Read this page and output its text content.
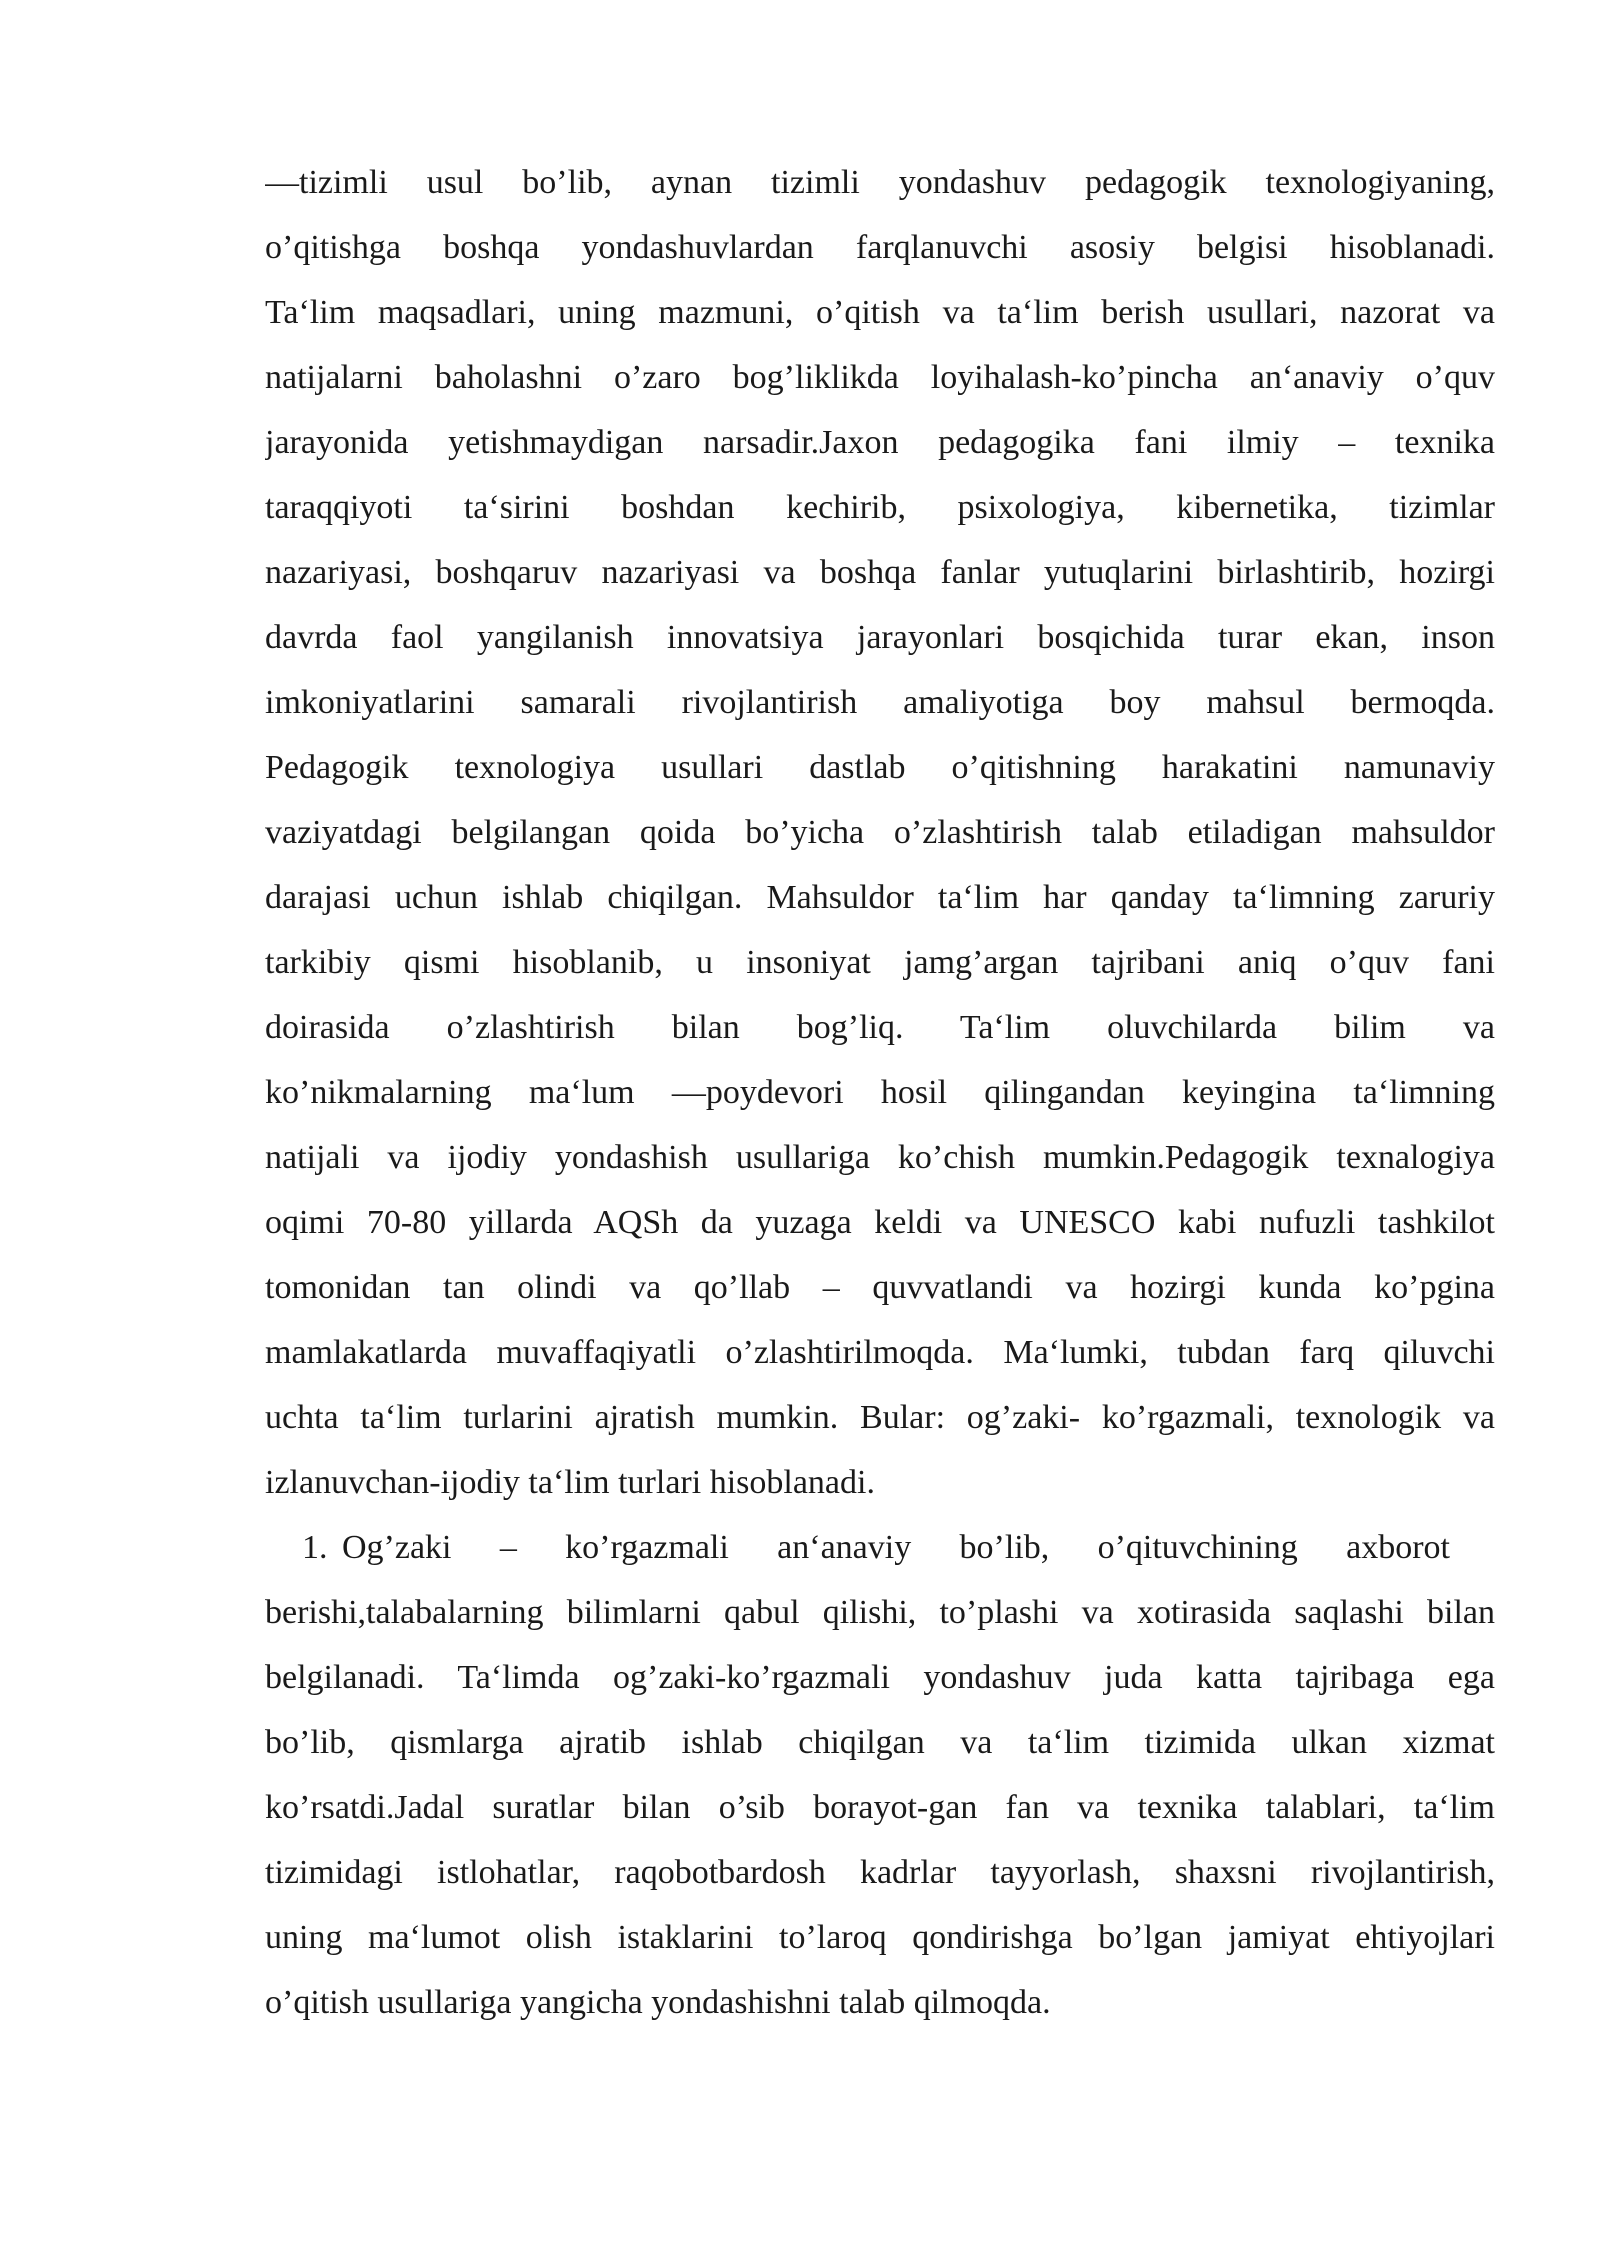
—tizimli usul bo’lib, aynan tizimli yondashuv pedagogik texnologiyaning,
o’qitishga boshqa yondashuvlardan farqlanuvchi asosiy belgisi hisoblanadi.
Ta‘lim maqsadlari, uning mazmuni, o’qitish va ta‘lim berish usullari, nazorat va
natijalarni baholashni o’zaro bog’liklikda loyihalash-ko’pincha an‘anaviy o’quv
jarayonida yetishmaydigan narsadir.Jaxon pedagogika fani ilmiy – texnika
taraqqiyoti ta‘sirini boshdan kechirib, psixologiya, kibernetika, tizimlar
nazariyasi, boshqaruv nazariyasi va boshqa fanlar yutuqlarini birlashtirib, hozirgi
davrda faol yangilanish innovatsiya jarayonlari bosqichida turar ekan, inson
imkoniyatlarini samarali rivojlantirish amaliyotiga boy mahsul bermoqda.
Pedagogik texnologiya usullari dastlab o’qitishning harakatini namunaviy
vaziyatdagi belgilangan qoida bo’yicha o’zlashtirish talab etiladigan mahsuldor
darajasi uchun ishlab chiqilgan. Mahsuldor ta‘lim har qanday ta‘limning zaruriy
tarkibiy qismi hisoblanib, u insoniyat jamg’argan tajribani aniq o’quv fani
doirasida o’zlashtirish bilan bog’liq. Ta‘lim oluvchilarda bilim va
ko’nikmalarning ma‘lum —poydevori hosil qilingandan keyingina ta‘limning
natijali va ijodiy yondashish usullariga ko’chish mumkin.Pedagogik texnalogiya
oqimi 70-80 yillarda AQSh da yuzaga keldi va UNESCO kabi nufuzli tashkilot
tomonidan tan olindi va qo’llab – quvvatlandi va hozirgi kunda ko’pgina
mamlakatlarda muvaffaqiyatli o’zlashtirilmoqda. Ma‘lumki, tubdan farq qiluvchi
uchta ta‘lim turlarini ajratish mumkin. Bular: og’zaki- ko’rgazmali, texnologik va
izlanuvchan-ijodiy ta‘lim turlari hisoblanadi.
1. Og’zaki – ko’rgazmali an‘anaviy bo’lib, o’qituvchining axborot
berishi,talabalarning bilimlarni qabul qilishi, to’plashi va xotirasida saqlashi bilan
belgilanadi. Ta‘limda og’zaki-ko’rgazmali yondashuv juda katta tajribaga ega
bo’lib, qismlarga ajratib ishlab chiqilgan va ta‘lim tizimida ulkan xizmat
ko’rsatdi.Jadal suratlar bilan o’sib borayot-gan fan va texnika talablari, ta‘lim
tizimidagi istlohatlar, raqobotbardosh kadrlar tayyorlash, shaxsni rivojlantirish,
uning ma‘lumot olish istaklarini to’laroq qondirishga bo’lgan jamiyat ehtiyojlari
o’qitish usullariga yangicha yondashishni talab qilmoqda.
